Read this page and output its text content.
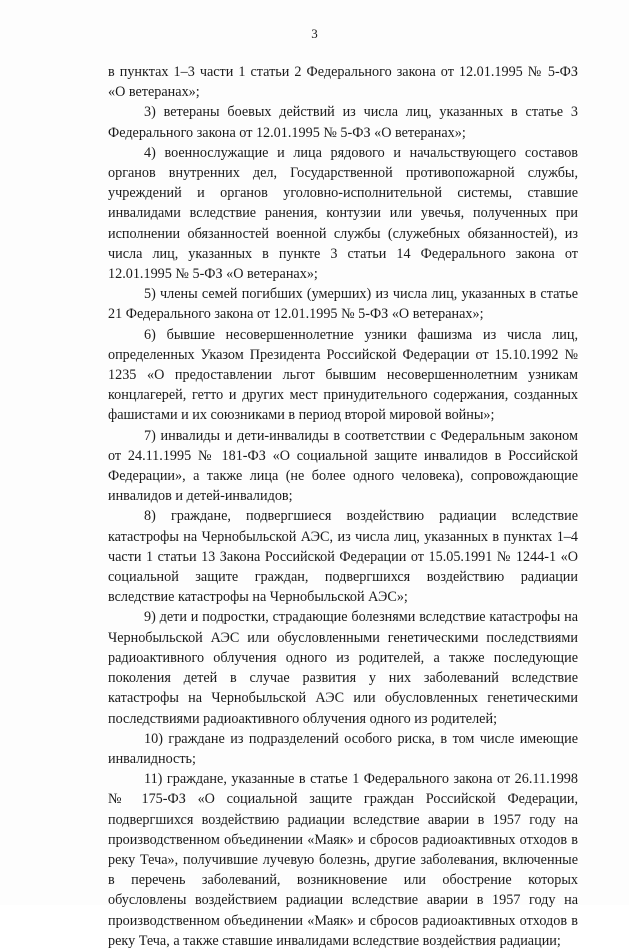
3

в пунктах 1–3 части 1 статьи 2 Федерального закона от 12.01.1995 № 5-ФЗ «О ветеранах»;

3) ветераны боевых действий из числа лиц, указанных в статье 3 Федерального закона от 12.01.1995 № 5-ФЗ «О ветеранах»;

4) военнослужащие и лица рядового и начальствующего составов органов внутренних дел, Государственной противопожарной службы, учреждений и органов уголовно-исполнительной системы, ставшие инвалидами вследствие ранения, контузии или увечья, полученных при исполнении обязанностей военной службы (служебных обязанностей), из числа лиц, указанных в пункте 3 статьи 14 Федерального закона от 12.01.1995 № 5-ФЗ «О ветеранах»;

5) члены семей погибших (умерших) из числа лиц, указанных в статье 21 Федерального закона от 12.01.1995 № 5-ФЗ «О ветеранах»;

6) бывшие несовершеннолетние узники фашизма из числа лиц, определенных Указом Президента Российской Федерации от 15.10.1992 № 1235 «О предоставлении льгот бывшим несовершеннолетним узникам концлагерей, гетто и других мест принудительного содержания, созданных фашистами и их союзниками в период второй мировой войны»;

7) инвалиды и дети-инвалиды в соответствии с Федеральным законом от 24.11.1995 № 181-ФЗ «О социальной защите инвалидов в Российской Федерации», а также лица (не более одного человека), сопровождающие инвалидов и детей-инвалидов;

8) граждане, подвергшиеся воздействию радиации вследствие катастрофы на Чернобыльской АЭС, из числа лиц, указанных в пунктах 1–4 части 1 статьи 13 Закона Российской Федерации от 15.05.1991 № 1244-1 «О социальной защите граждан, подвергшихся воздействию радиации вследствие катастрофы на Чернобыльской АЭС»;

9) дети и подростки, страдающие болезнями вследствие катастрофы на Чернобыльской АЭС или обусловленными генетическими последствиями радиоактивного облучения одного из родителей, а также последующие поколения детей в случае развития у них заболеваний вследствие катастрофы на Чернобыльской АЭС или обусловленных генетическими последствиями радиоактивного облучения одного из родителей;

10) граждане из подразделений особого риска, в том числе имеющие инвалидность;

11) граждане, указанные в статье 1 Федерального закона от 26.11.1998 № 175-ФЗ «О социальной защите граждан Российской Федерации, подвергшихся воздействию радиации вследствие аварии в 1957 году на производственном объединении «Маяк» и сбросов радиоактивных отходов в реку Теча», получившие лучевую болезнь, другие заболевания, включенные в перечень заболеваний, возникновение или обострение которых обусловлены воздействием радиации вследствие аварии в 1957 году на производственном объединении «Маяк» и сбросов радиоактивных отходов в реку Теча, а также ставшие инвалидами вследствие воздействия радиации;
